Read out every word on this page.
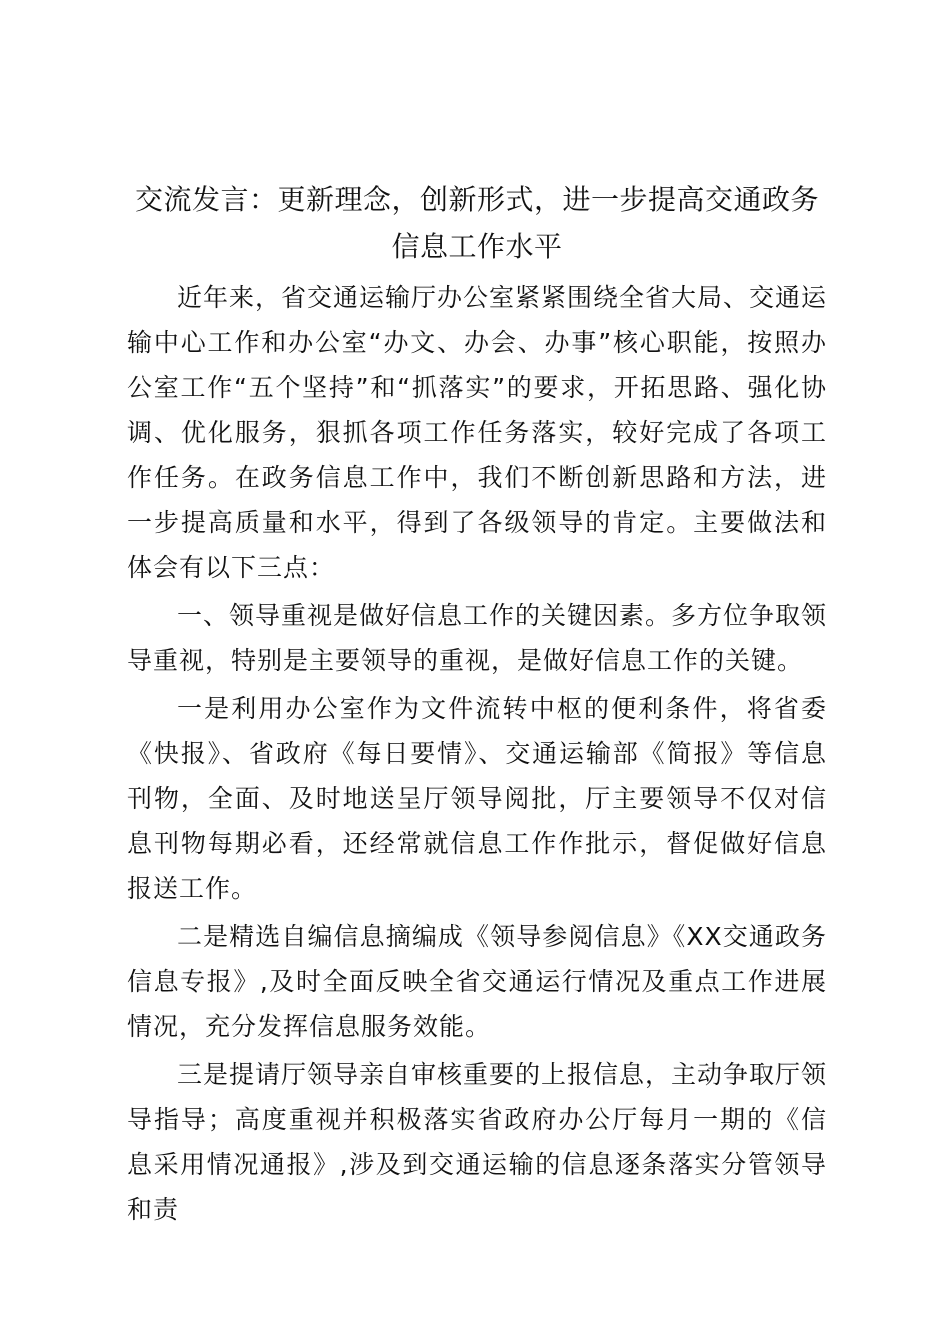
交流发言：更新理念，创新形式，进一步提高交通政务信息工作水平

近年来，省交通运输厅办公室紧紧围绕全省大局、交通运输中心工作和办公室“办文、办会、办事”核心职能，按照办公室工作“五个坚持”和“抓落实”的要求，开拓思路、强化协调、优化服务，狠抓各项工作任务落实，较好完成了各项工作任务。在政务信息工作中，我们不断创新思路和方法，进一步提高质量和水平，得到了各级领导的肯定。主要做法和体会有以下三点：

一、领导重视是做好信息工作的关键因素。多方位争取领导重视，特别是主要领导的重视，是做好信息工作的关键。

一是利用办公室作为文件流转中枢的便利条件，将省委《快报》、省政府《每日要情》、交通运输部《简报》等信息刊物，全面、及时地送呈厅领导阅批，厅主要领导不仅对信息刊物每期必看，还经常就信息工作作批示，督促做好信息报送工作。

二是精选自编信息摘编成《领导参阅信息》《XX交通政务信息专报》,及时全面反映全省交通运行情况及重点工作进展情况，充分发挥信息服务效能。

三是提请厅领导亲自审核重要的上报信息，主动争取厅领导指导；高度重视并积极落实省政府办公厅每月一期的《信息采用情况通报》,涉及到交通运输的信息逐条落实分管领导和责
